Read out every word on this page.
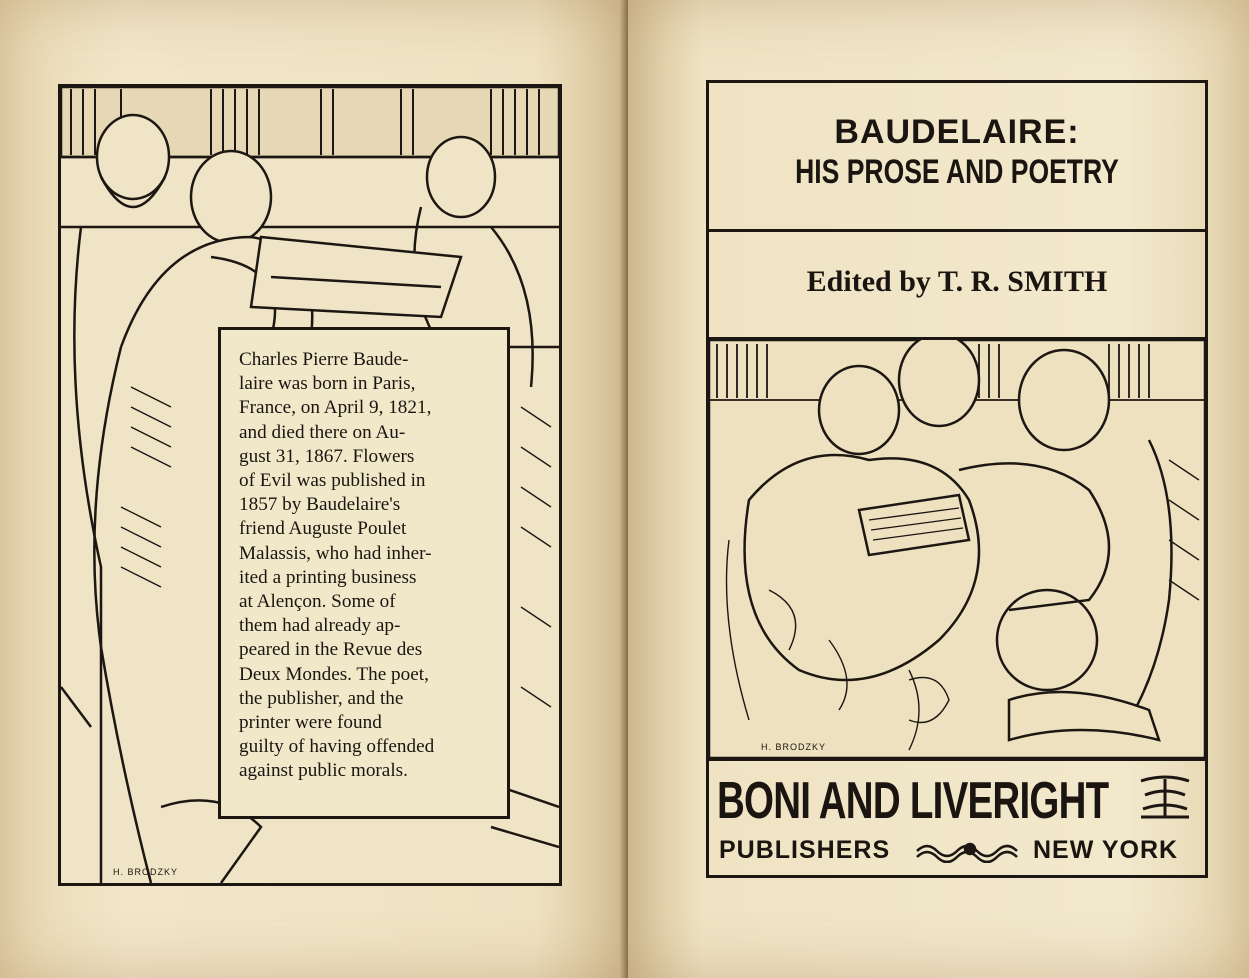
H. BRODZKY

Charles Pierre Baude-
laire was born in Paris,
France, on April 9, 1821,
and died there on Au-
gust 31, 1867. Flowers
of Evil was published in
1857 by Baudelaire's
friend Auguste Poulet
Malassis, who had inher-
ited a printing business
at Alençon. Some of
them had already ap-
peared in the Revue des
Deux Mondes. The poet,
the publisher, and the
printer were found
guilty of having offended
against public morals.

BAUDELAIRE:
HIS PROSE AND POETRY
Edited by T. R. SMITH
H. BRODZKY
BONI AND LIVERIGHT
PUBLISHERS	NEW YORK
